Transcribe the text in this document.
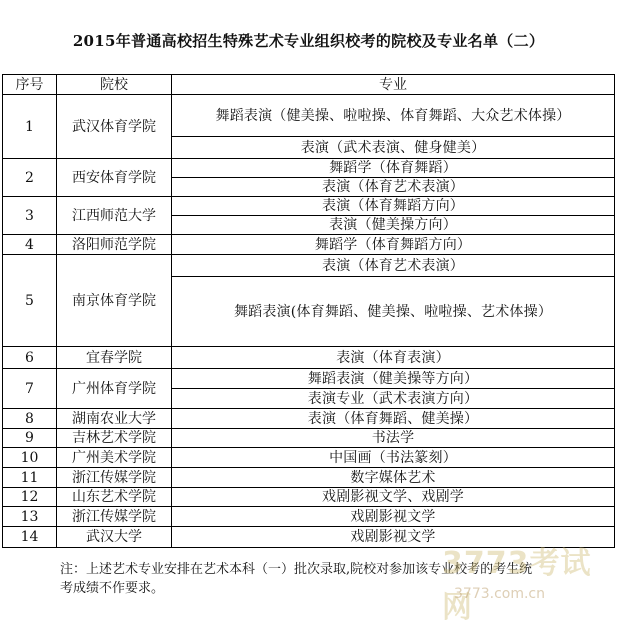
2015年普通高校招生特殊艺术专业组织校考的院校及专业名单（二）
序号	院校	专业
1	武汉体育学院	舞蹈表演（健美操、啦啦操、体育舞蹈、大众艺术体操）
		表演（武术表演、健身健美）
2	西安体育学院	舞蹈学（体育舞蹈）
		表演（体育艺术表演）
3	江西师范大学	表演（体育舞蹈方向）
		表演（健美操方向）
4	洛阳师范学院	舞蹈学（体育舞蹈方向）
5	南京体育学院	表演（体育艺术表演）
		舞蹈表演(体育舞蹈、健美操、啦啦操、艺术体操）
6	宜春学院	表演（体育表演）
7	广州体育学院	舞蹈表演（健美操等方向）
		表演专业（武术表演方向）
8	湖南农业大学	表演（体育舞蹈、健美操）
9	吉林艺术学院	书法学
10	广州美术学院	中国画（书法篆刻）
11	浙江传媒学院	数字媒体艺术
12	山东艺术学院	戏剧影视文学、戏剧学
13	浙江传媒学院	戏剧影视文学
14	武汉大学	戏剧影视文学
注：上述艺术专业安排在艺术本科（一）批次录取,院校对参加该专业校考的考生统
考成绩不作要求。
3773考试网
3773.com.cn
